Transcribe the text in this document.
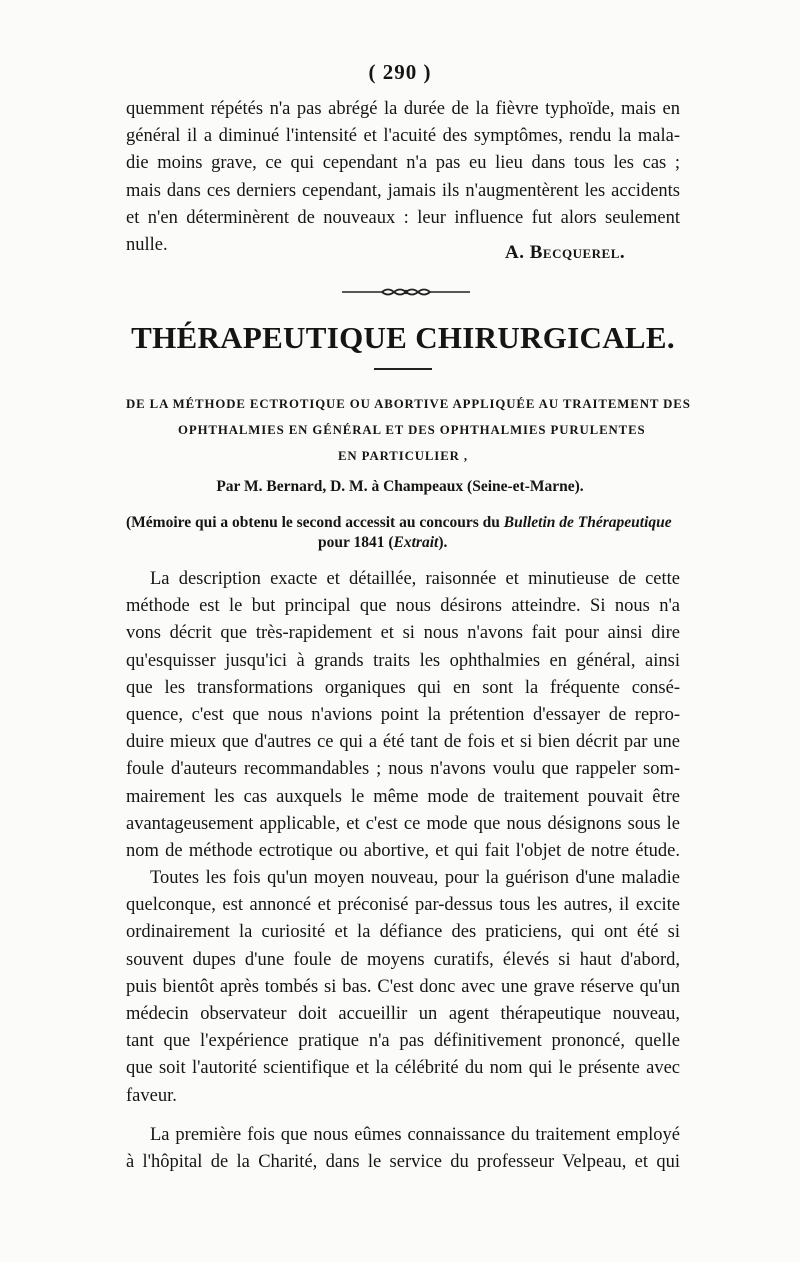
( 290 )
quemment répétés n'a pas abrégé la durée de la fièvre typhoïde, mais en
général il a diminué l'intensité et l'acuité des symptômes, rendu la mala-
die moins grave, ce qui cependant n'a pas eu lieu dans tous les cas ;
mais dans ces derniers cependant, jamais ils n'augmentèrent les accidents
et n'en déterminèrent de nouveaux : leur influence fut alors seulement
nulle.	A. Becquerel.
THÉRAPEUTIQUE CHIRURGICALE.
DE LA MÉTHODE ECTROTIQUE OU ABORTIVE APPLIQUÉE AU TRAITEMENT DES
OPHTHALMIES EN GÉNÉRAL ET DES OPHTHALMIES PURULENTES
EN PARTICULIER ,
Par M. Bernard, D. M. à Champeaux (Seine-et-Marne).
(Mémoire qui a obtenu le second accessit au concours du Bulletin de Thérapeutique
pour 1841 (Extrait).
La description exacte et détaillée, raisonnée et minutieuse de cette
méthode est le but principal que nous désirons atteindre. Si nous n'a
vons décrit que très-rapidement et si nous n'avons fait pour ainsi dire
qu'esquisser jusqu'ici à grands traits les ophthalmies en général, ainsi
que les transformations organiques qui en sont la fréquente consé-
quence, c'est que nous n'avions point la prétention d'essayer de repro-
duire mieux que d'autres ce qui a été tant de fois et si bien décrit par une
foule d'auteurs recommandables ; nous n'avons voulu que rappeler som-
mairement les cas auxquels le même mode de traitement pouvait être
avantageusement applicable, et c'est ce mode que nous désignons sous le
nom de méthode ectrotique ou abortive, et qui fait l'objet de notre étude.
Toutes les fois qu'un moyen nouveau, pour la guérison d'une maladie
quelconque, est annoncé et préconisé par-dessus tous les autres, il excite
ordinairement la curiosité et la défiance des praticiens, qui ont été si
souvent dupes d'une foule de moyens curatifs, élevés si haut d'abord,
puis bientôt après tombés si bas. C'est donc avec une grave réserve qu'un
médecin observateur doit accueillir un agent thérapeutique nouveau,
tant que l'expérience pratique n'a pas définitivement prononcé, quelle
que soit l'autorité scientifique et la célébrité du nom qui le présente avec
faveur.
La première fois que nous eûmes connaissance du traitement employé
à l'hôpital de la Charité, dans le service du professeur Velpeau, et qui
